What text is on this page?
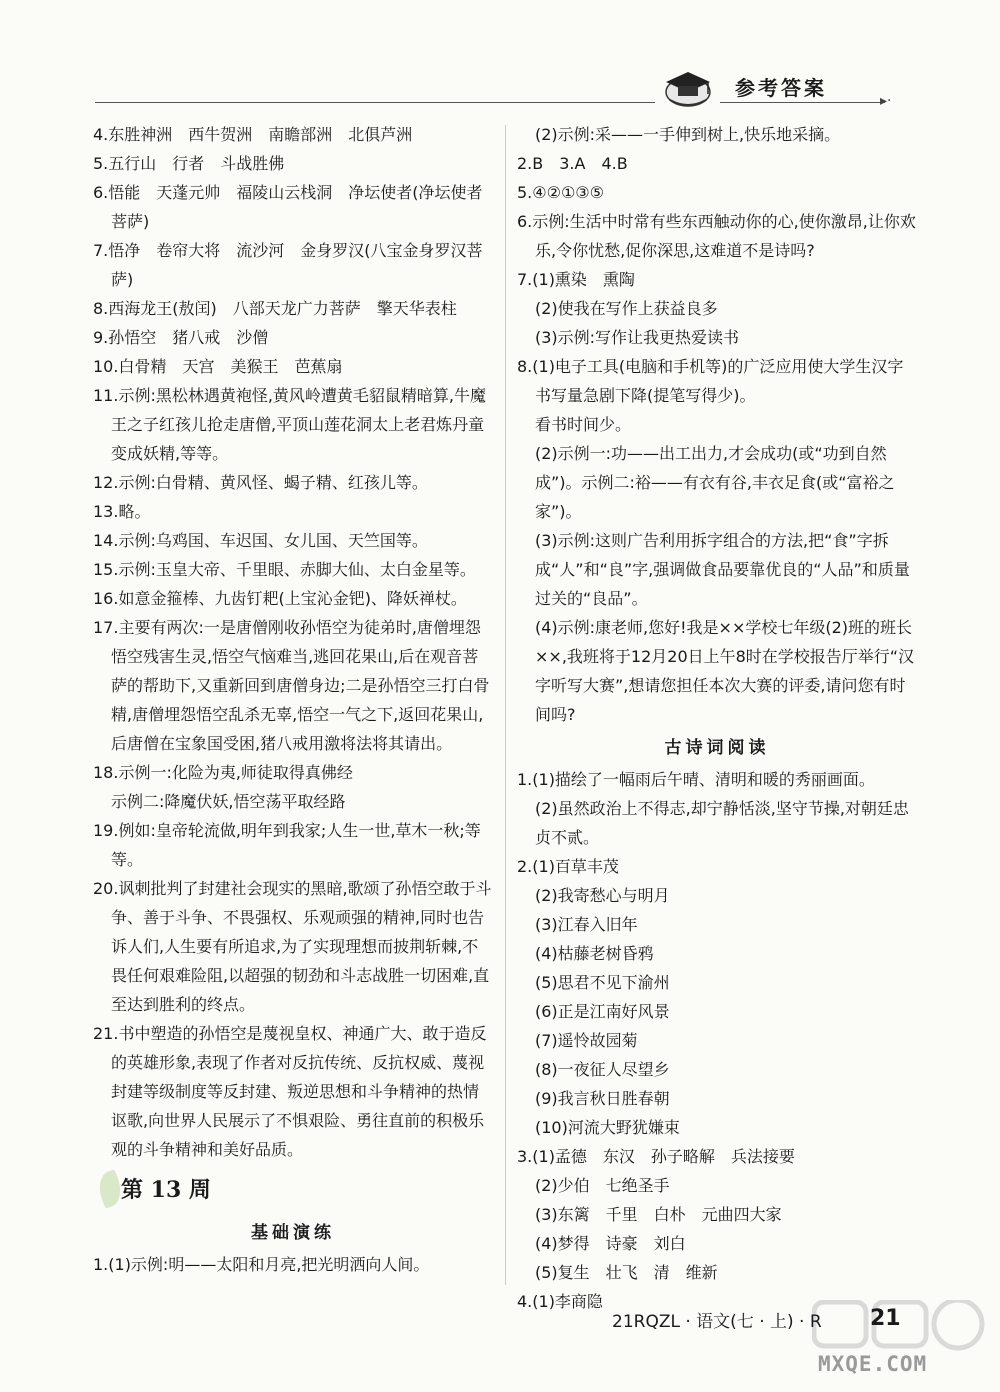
参考答案
▸·

4.东胜神洲　西牛贺洲　南瞻部洲　北俱芦洲

5.五行山　行者　斗战胜佛

6.悟能　天蓬元帅　福陵山云栈洞　净坛使者(净坛使者菩萨)

7.悟净　卷帘大将　流沙河　金身罗汉(八宝金身罗汉菩萨)

8.西海龙王(敖闰)　八部天龙广力菩萨　擎天华表柱

9.孙悟空　猪八戒　沙僧

10.白骨精　天宫　美猴王　芭蕉扇

11.示例:黑松林遇黄袍怪,黄风岭遭黄毛貂鼠精暗算,牛魔王之子红孩儿抢走唐僧,平顶山莲花洞太上老君炼丹童变成妖精,等等。

12.示例:白骨精、黄风怪、蝎子精、红孩儿等。

13.略。

14.示例:乌鸡国、车迟国、女儿国、天竺国等。

15.示例:玉皇大帝、千里眼、赤脚大仙、太白金星等。

16.如意金箍棒、九齿钉耙(上宝沁金钯)、降妖禅杖。

17.主要有两次:一是唐僧刚收孙悟空为徒弟时,唐僧埋怨悟空残害生灵,悟空气恼难当,逃回花果山,后在观音菩萨的帮助下,又重新回到唐僧身边;二是孙悟空三打白骨精,唐僧埋怨悟空乱杀无辜,悟空一气之下,返回花果山,后唐僧在宝象国受困,猪八戒用激将法将其请出。

18.示例一:化险为夷,师徒取得真佛经

示例二:降魔伏妖,悟空荡平取经路

19.例如:皇帝轮流做,明年到我家;人生一世,草木一秋;等等。

20.讽刺批判了封建社会现实的黑暗,歌颂了孙悟空敢于斗争、善于斗争、不畏强权、乐观顽强的精神,同时也告诉人们,人生要有所追求,为了实现理想而披荆斩棘,不畏任何艰难险阻,以超强的韧劲和斗志战胜一切困难,直至达到胜利的终点。

21.书中塑造的孙悟空是蔑视皇权、神通广大、敢于造反的英雄形象,表现了作者对反抗传统、反抗权威、蔑视封建等级制度等反封建、叛逆思想和斗争精神的热情讴歌,向世界人民展示了不惧艰险、勇往直前的积极乐观的斗争精神和美好品质。

第 13 周
基础演练

1.(1)示例:明——太阳和月亮,把光明洒向人间。

(2)示例:采——一手伸到树上,快乐地采摘。

2.B　3.A　4.B

5.④②①③⑤

6.示例:生活中时常有些东西触动你的心,使你激昂,让你欢乐,令你忧愁,促你深思,这难道不是诗吗?

7.(1)熏染　熏陶

(2)使我在写作上获益良多

(3)示例:写作让我更热爱读书

8.(1)电子工具(电脑和手机等)的广泛应用使大学生汉字书写量急剧下降(提笔写得少)。

看书时间少。

(2)示例一:功——出工出力,才会成功(或“功到自然成”)。示例二:裕——有衣有谷,丰衣足食(或“富裕之家”)。

(3)示例:这则广告利用拆字组合的方法,把“食”字拆成“人”和“良”字,强调做食品要靠优良的“人品”和质量过关的“良品”。

(4)示例:康老师,您好!我是××学校七年级(2)班的班长××,我班将于12月20日上午8时在学校报告厅举行“汉字听写大赛”,想请您担任本次大赛的评委,请问您有时间吗?

古诗词阅读

1.(1)描绘了一幅雨后午晴、清明和暖的秀丽画面。

(2)虽然政治上不得志,却宁静恬淡,坚守节操,对朝廷忠贞不贰。

2.(1)百草丰茂

(2)我寄愁心与明月

(3)江春入旧年

(4)枯藤老树昏鸦

(5)思君不见下渝州

(6)正是江南好风景

(7)遥怜故园菊

(8)一夜征人尽望乡

(9)我言秋日胜春朝

(10)河流大野犹嫌束

3.(1)孟德　东汉　孙子略解　兵法接要

(2)少伯　七绝圣手

(3)东篱　千里　白朴　元曲四大家

(4)梦得　诗豪　刘白

(5)复生　壮飞　清　维新

4.(1)李商隐

MXQE.COM
21RQZL · 语文(七 · 上) · R 21
